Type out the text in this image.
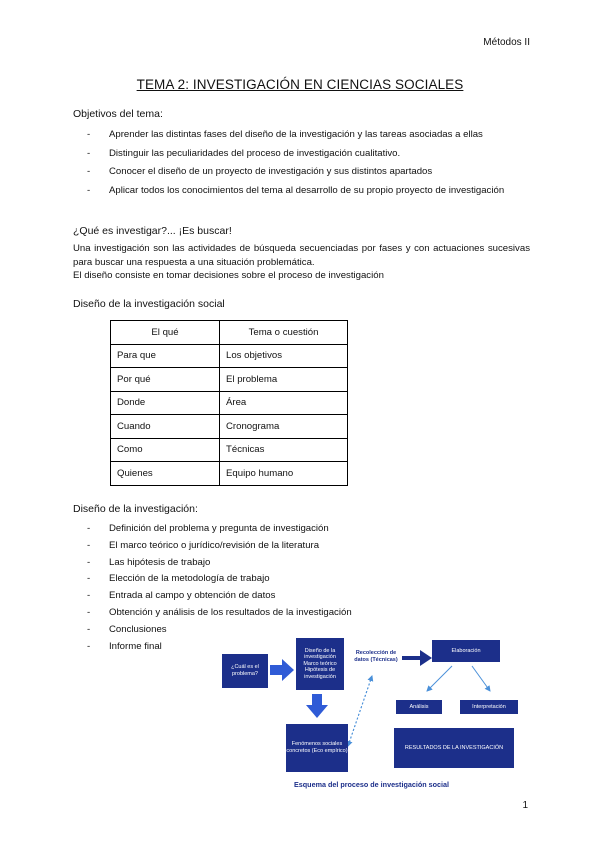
Métodos II
TEMA 2: INVESTIGACIÓN EN CIENCIAS SOCIALES
Objetivos del tema:
- Aprender las distintas fases del diseño de la investigación y las tareas asociadas a ellas
- Distinguir las peculiaridades del proceso de investigación cualitativo.
- Conocer el diseño de un proyecto de investigación y sus distintos apartados
- Aplicar todos los conocimientos del tema al desarrollo de su propio proyecto de investigación
¿Qué es investigar?... ¡Es buscar!
Una investigación son las actividades de búsqueda secuenciadas por fases y con actuaciones sucesivas para buscar una respuesta a una situación problemática.
El diseño consiste en tomar decisiones sobre el proceso de investigación
Diseño de la investigación social
El qué	Tema o cuestión
Para que	Los objetivos
Por qué	El problema
Donde	Área
Cuando	Cronograma
Como	Técnicas
Quienes	Equipo humano
Diseño de la investigación:
- Definición del problema y pregunta de investigación
- El marco teórico o jurídico/revisión de la literatura
- Las hipótesis de trabajo
- Elección de la metodología de trabajo
- Entrada al campo y obtención de datos
- Obtención y análisis de los resultados de la investigación
- Conclusiones
- Informe final
¿Cuál es el problema?
Diseño de la investigación Marco teórico Hipótesis de investigación
Recolección de datos (Técnicas)
Elaboración
Fenómenos sociales concretos (Eco empírico)
Análisis	Interpretación
RESULTADOS DE LA INVESTIGACIÓN
Esquema del proceso de investigación social
1
